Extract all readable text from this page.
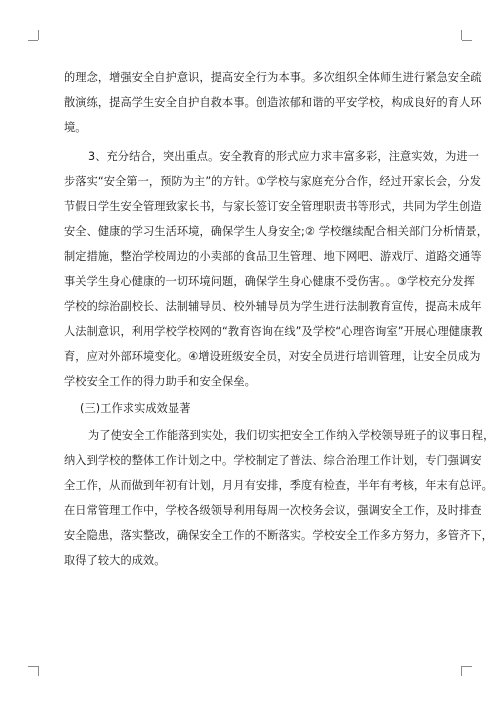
的理念，增强安全自护意识，提高安全行为本事。多次组织全体师生进行紧急安全疏
散演练，提高学生安全自护自救本事。创造浓郁和谐的平安学校，构成良好的育人环
境。
3、充分结合，突出重点。安全教育的形式应力求丰富多彩，注意实效，为进一
步落实“安全第一，预防为主”的方针。①学校与家庭充分合作，经过开家长会，分发
节假日学生安全管理致家长书，与家长签订安全管理职责书等形式，共同为学生创造
安全、健康的学习生活环境，确保学生人身安全;② 学校继续配合相关部门分析情景，
制定措施，整治学校周边的小卖部的食品卫生管理、地下网吧、游戏厅、道路交通等
事关学生身心健康的一切环境问题，确保学生身心健康不受伤害。。③学校充分发挥
学校的综治副校长、法制辅导员、校外辅导员为学生进行法制教育宣传，提高未成年
人法制意识，利用学校学校网的“教育咨询在线”及学校“心理咨询室”开展心理健康教
育，应对外部环境变化。④增设班级安全员，对安全员进行培训管理，让安全员成为
学校安全工作的得力助手和安全保垒。
(三)工作求实成效显著
为了使安全工作能落到实处，我们切实把安全工作纳入学校领导班子的议事日程，
纳入到学校的整体工作计划之中。学校制定了普法、综合治理工作计划，专门强调安
全工作，从而做到年初有计划，月月有安排，季度有检查，半年有考核，年末有总评。
在日常管理工作中，学校各级领导利用每周一次校务会议，强调安全工作，及时排查
安全隐患，落实整改，确保安全工作的不断落实。学校安全工作多方努力，多管齐下，
取得了较大的成效。
